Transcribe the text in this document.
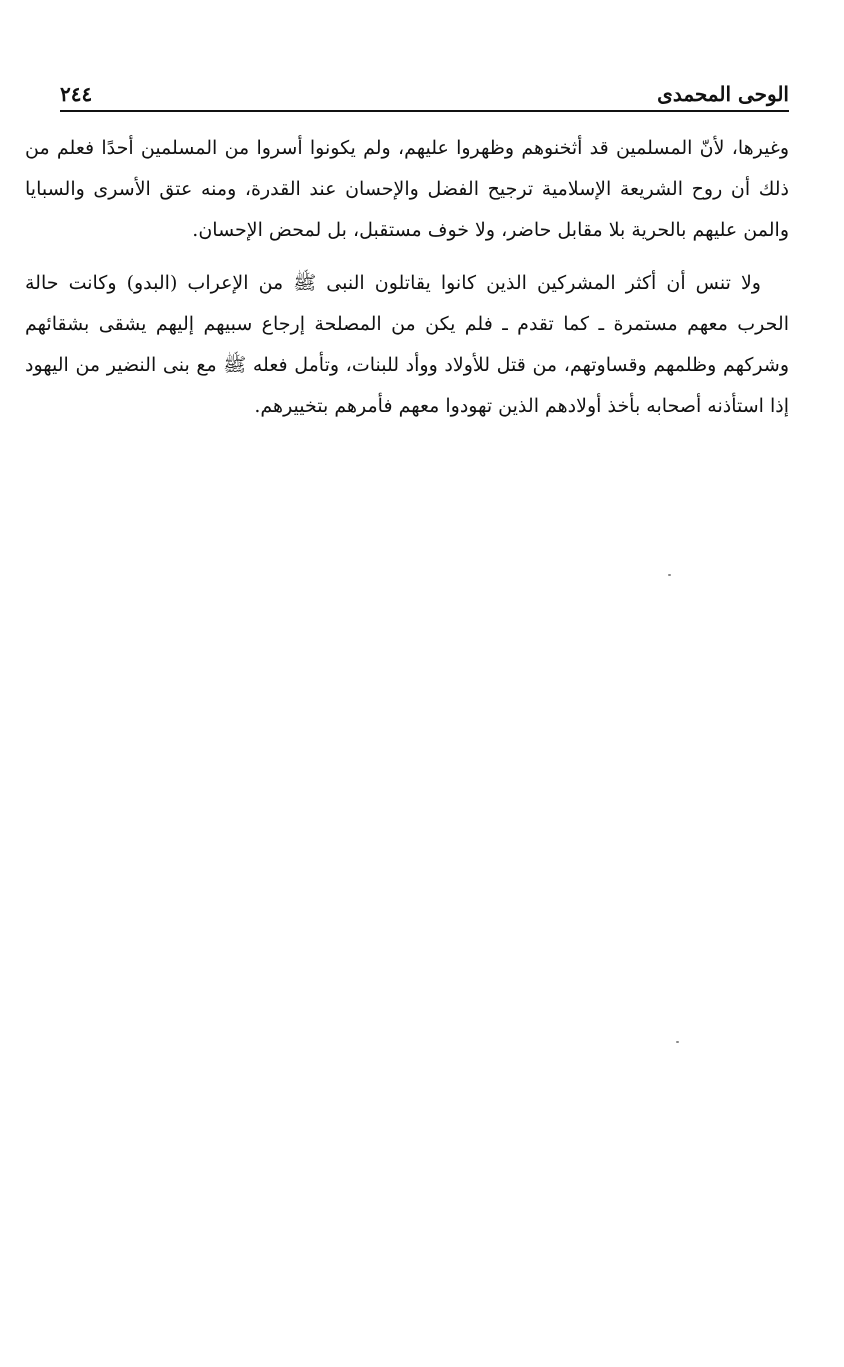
٢٤٤	الوحى المحمدى

وغيرها، لأنّ المسلمين قد أثخنوهم وظهروا عليهم، ولم يكونوا أسروا من المسلمين أحدًا فعلم من ذلك أن روح الشريعة الإسلامية ترجيح الفضل والإحسان عند القدرة، ومنه عتق الأسرى والسبايا والمن عليهم بالحرية بلا مقابل حاضر، ولا خوف مستقبل، بل لمحض الإحسان.

ولا تنس أن أكثر المشركين الذين كانوا يقاتلون النبى ﷺ من الإعراب (البدو) وكانت حالة الحرب معهم مستمرة ـ كما تقدم ـ فلم يكن من المصلحة إرجاع سبيهم إليهم يشقى بشقائهم وشركهم وظلمهم وقساوتهم، من قتل للأولاد ووأد للبنات، وتأمل فعله ﷺ مع بنى النضير من اليهود إذا استأذنه أصحابه بأخذ أولادهم الذين تهودوا معهم فأمرهم بتخييرهم.
